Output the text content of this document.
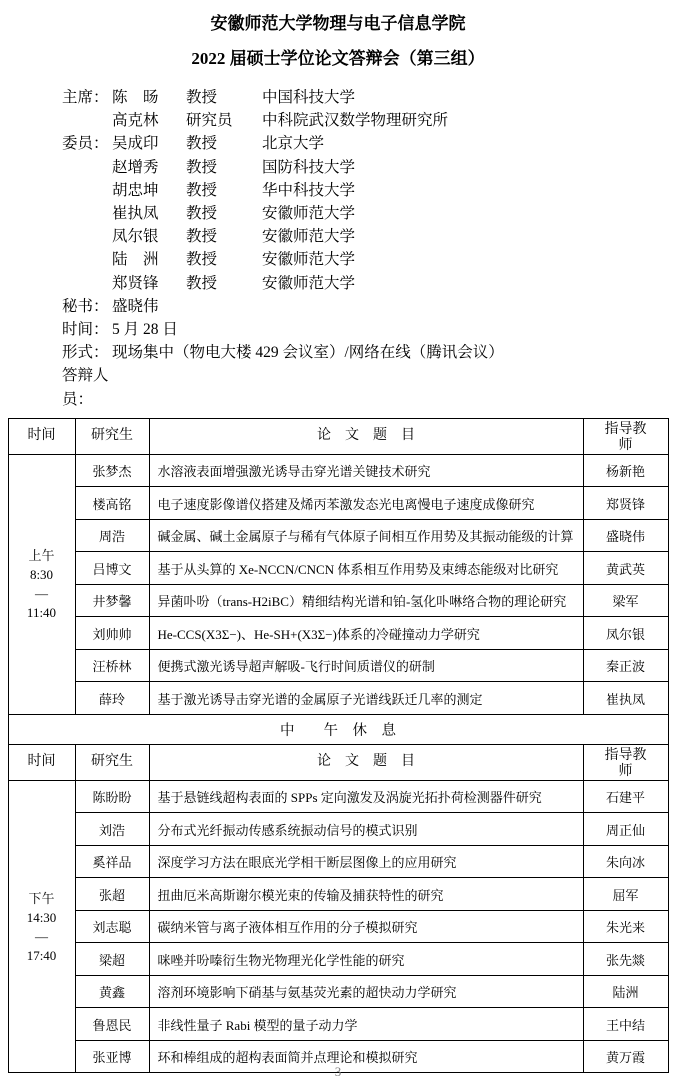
安徽师范大学物理与电子信息学院
2022 届硕士学位论文答辩会（第三组）
主席： 陈　旸	教授	中国科技大学
高克林	研究员	中科院武汉数学物理研究所
委员： 吴成印	教授	北京大学
赵增秀	教授	国防科技大学
胡忠坤	教授	华中科技大学
崔执凤	教授	安徽师范大学
凤尔银	教授	安徽师范大学
陆　洲	教授	安徽师范大学
郑贤锋	教授	安徽师范大学
秘书： 盛晓伟
时间： 5 月 28 日
形式： 现场集中（物电大楼 429 会议室）/网络在线（腾讯会议）
答辩人员：
时间	研究生	论　文　题　目	指导教师

上午
8:30
—
11:40	张梦杰	水溶液表面增强激光诱导击穿光谱关键技术研究	杨新艳
	楼高铭	电子速度影像谱仪搭建及烯丙苯激发态光电离慢电子速度成像研究	郑贤锋
	周浩	碱金属、碱土金属原子与稀有气体原子间相互作用势及其振动能级的计算	盛晓伟
	吕博文	基于从头算的 Xe-NCCN/CNCN 体系相互作用势及束缚态能级对比研究	黄武英
	井梦馨	异菌卟吩（trans-H2iBC）精细结构光谱和铂-氢化卟啉络合物的理论研究	梁军
	刘帅帅	He-CCS(X3Σ−)、He-SH+(X3Σ−)体系的冷碰撞动力学研究	凤尔银
	汪桥林	便携式激光诱导超声解吸-飞行时间质谱仪的研制	秦正波
	薛玲	基于激光诱导击穿光谱的金属原子光谱线跃迁几率的测定	崔执凤
中　　午　休　息			
时间	研究生	论　文　题　目	指导教师

下午
14:30
—
17:40	陈盼盼	基于悬链线超构表面的 SPPs 定向激发及涡旋光拓扑荷检测器件研究	石建平
	刘浩	分布式光纤振动传感系统振动信号的模式识别	周正仙
	奚祥品	深度学习方法在眼底光学相干断层图像上的应用研究	朱向冰
	张超	扭曲厄米高斯谢尔模光束的传输及捕获特性的研究	屈军
	刘志聪	碳纳米管与离子液体相互作用的分子模拟研究	朱光来
	梁超	咪唑并吩嗪衍生物光物理光化学性能的研究	张先燚
	黄鑫	溶剂环境影响下硝基与氨基荧光素的超快动力学研究	陆洲
	鲁恩民	非线性量子 Rabi 模型的量子动力学	王中结
	张亚博	环和棒组成的超构表面简并点理论和模拟研究	黄万霞
3
